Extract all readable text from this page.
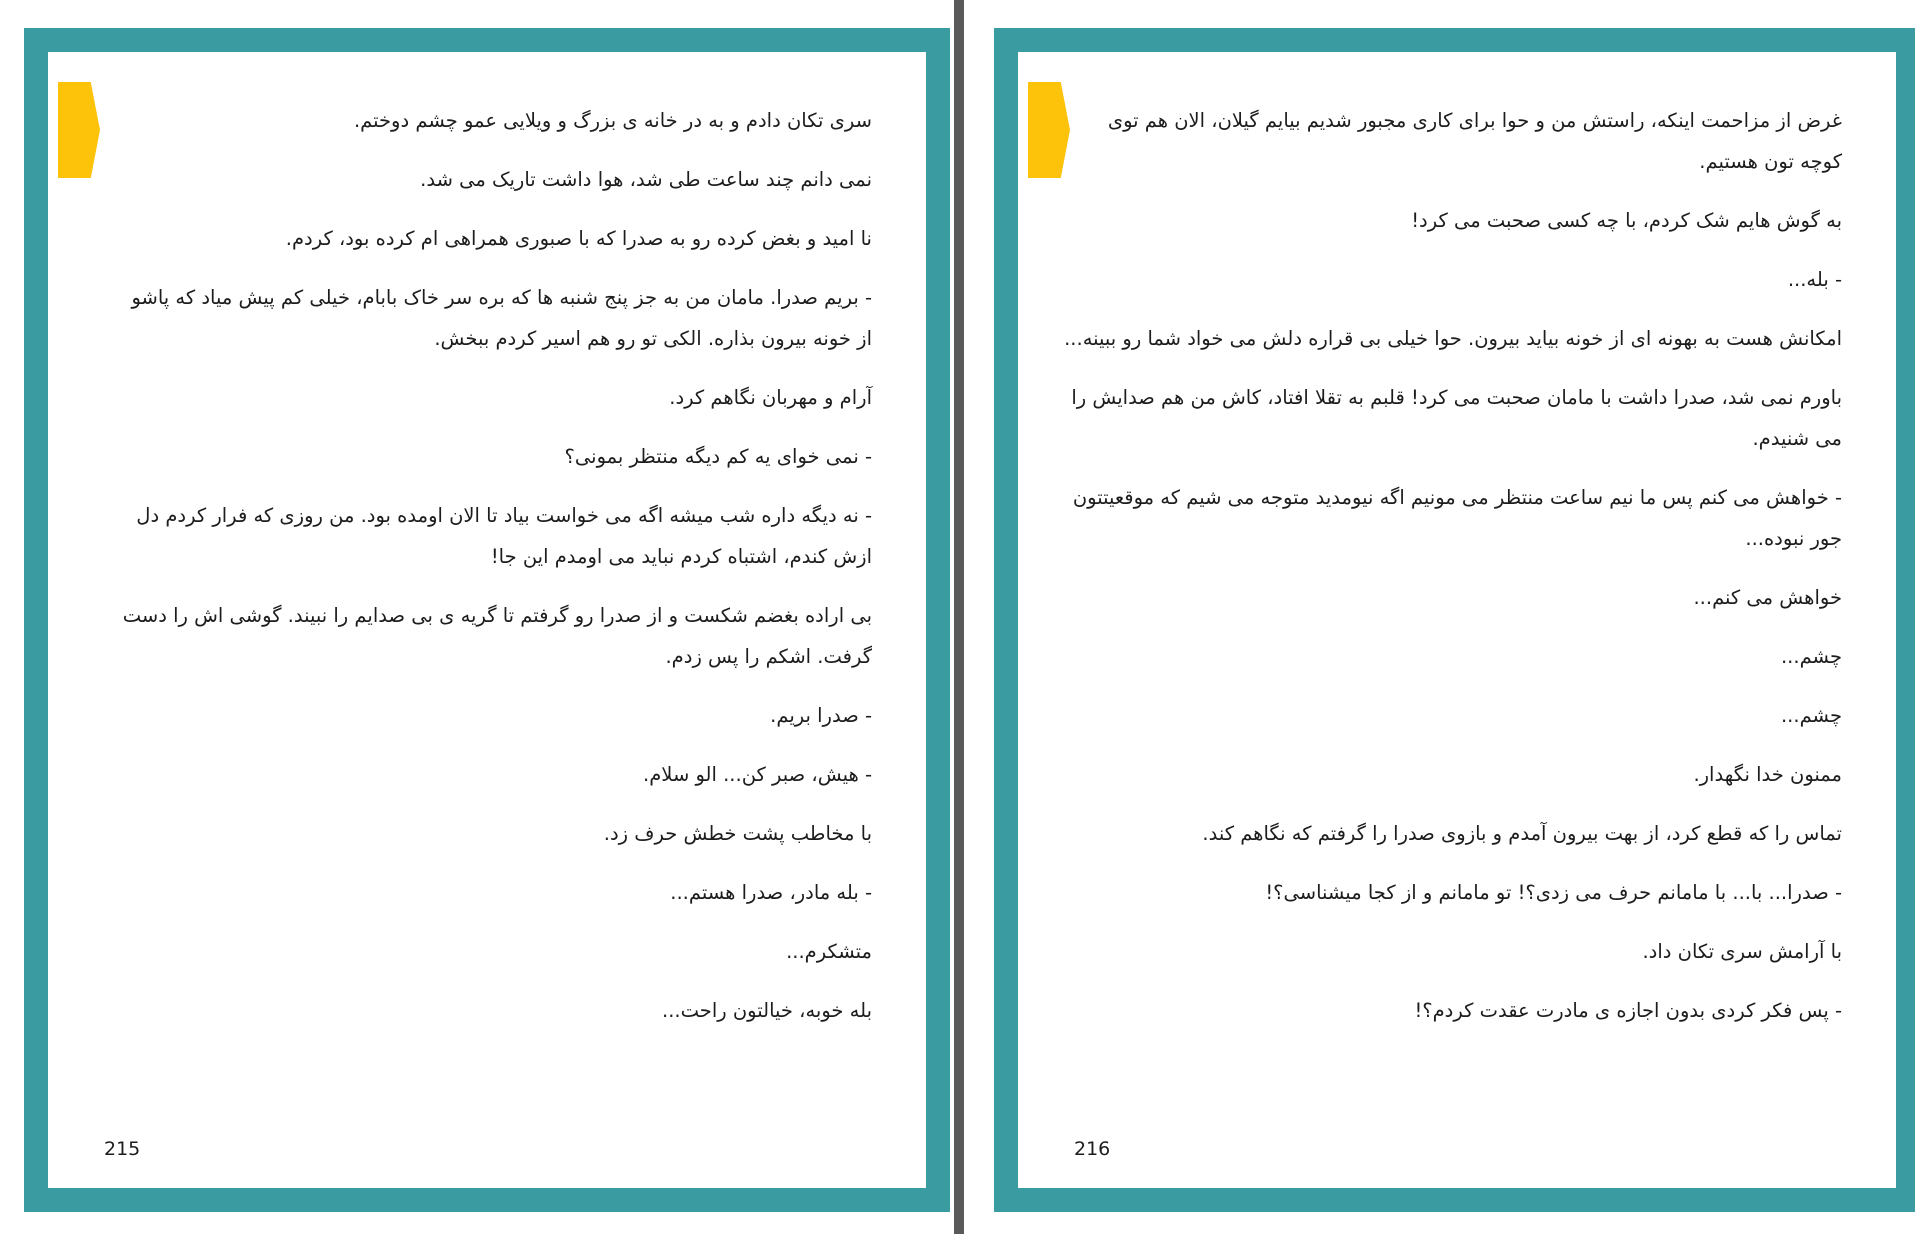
سری تکان دادم و به در خانه ی بزرگ و ویلایی عمو چشم دوختم.

نمی دانم چند ساعت طی شد، هوا داشت تاریک می شد.

نا امید و بغض کرده رو به صدرا که با صبوری همراهی ام کرده بود، کردم.

- بریم صدرا. مامان من به جز پنج شنبه ها که بره سر خاک بابام، خیلی کم پیش میاد که پاشو از خونه بیرون بذاره. الکی تو رو هم اسیر کردم ببخش.

آرام و مهربان نگاهم کرد.

- نمی خوای یه کم دیگه منتظر بمونی؟

- نه دیگه داره شب میشه اگه می خواست بیاد تا الان اومده بود. من روزی که فرار کردم دل ازش کندم، اشتباه کردم نباید می اومدم این جا!

بی اراده بغضم شکست و از صدرا رو گرفتم تا گریه ی بی صدایم را نبیند. گوشی اش را دست گرفت. اشکم را پس زدم.

- صدرا بریم.

- هیش، صبر کن... الو سلام.

با مخاطب پشت خطش حرف زد.

- بله مادر، صدرا هستم...

متشکرم...

بله خوبه، خیالتون راحت...

215

غرض از مزاحمت اینکه، راستش من و حوا برای کاری مجبور شدیم بیایم گیلان، الان هم توی کوچه تون هستیم.

به گوش هایم شک کردم، با چه کسی صحبت می کرد!

- بله...

امکانش هست به بهونه ای از خونه بیاید بیرون. حوا خیلی بی قراره دلش می خواد شما رو ببینه...

باورم نمی شد، صدرا داشت با مامان صحبت می کرد! قلبم به تقلا افتاد، کاش من هم صدایش را می شنیدم.

- خواهش می کنم پس ما نیم ساعت منتظر می مونیم اگه نیومدید متوجه می شیم که موقعیتتون جور نبوده...

خواهش می کنم...

چشم...

چشم...

ممنون خدا نگهدار.

تماس را که قطع کرد، از بهت بیرون آمدم و بازوی صدرا را گرفتم که نگاهم کند.

- صدرا... با... با مامانم حرف می زدی؟! تو مامانم و از کجا میشناسی؟!

با آرامش سری تکان داد.

- پس فکر کردی بدون اجازه ی مادرت عقدت کردم؟!

216
